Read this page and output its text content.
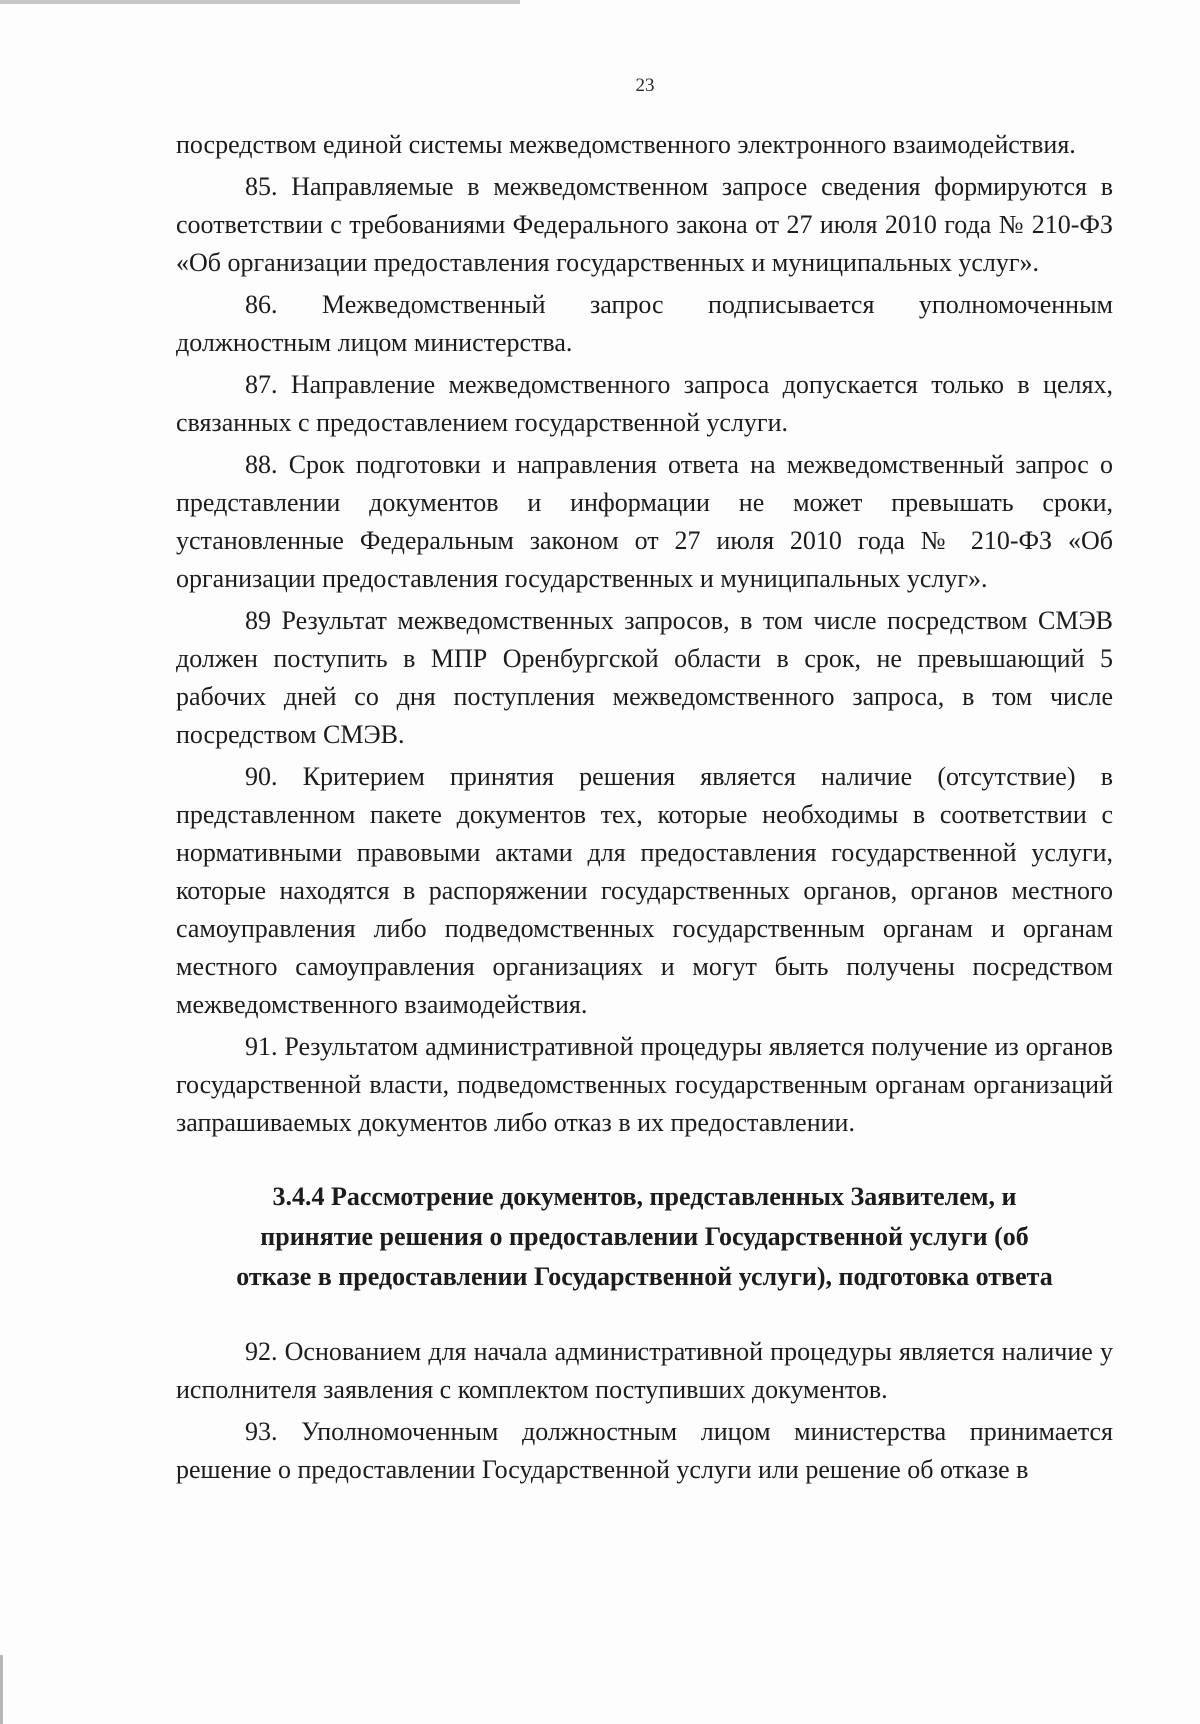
23

посредством единой системы межведомственного электронного взаимодействия.

85. Направляемые в межведомственном запросе сведения формируются в соответствии с требованиями Федерального закона от 27 июля 2010 года № 210-ФЗ «Об организации предоставления государственных и муниципальных услуг».

86. Межведомственный запрос подписывается уполномоченным должностным лицом министерства.

87. Направление межведомственного запроса допускается только в целях, связанных с предоставлением государственной услуги.

88. Срок подготовки и направления ответа на межведомственный запрос о представлении документов и информации не может превышать сроки, установленные Федеральным законом от 27 июля 2010 года № 210-ФЗ «Об организации предоставления государственных и муниципальных услуг».

89 Результат межведомственных запросов, в том числе посредством СМЭВ должен поступить в МПР Оренбургской области в срок, не превышающий 5 рабочих дней со дня поступления межведомственного запроса, в том числе посредством СМЭВ.

90. Критерием принятия решения является наличие (отсутствие) в представленном пакете документов тех, которые необходимы в соответствии с нормативными правовыми актами для предоставления государственной услуги, которые находятся в распоряжении государственных органов, органов местного самоуправления либо подведомственных государственным органам и органам местного самоуправления организациях и могут быть получены посредством межведомственного взаимодействия.

91. Результатом административной процедуры является получение из органов государственной власти, подведомственных государственным органам организаций запрашиваемых документов либо отказ в их предоставлении.

3.4.4 Рассмотрение документов, представленных Заявителем, и
принятие решения о предоставлении Государственной услуги (об
отказе в предоставлении Государственной услуги), подготовка ответа

92. Основанием для начала административной процедуры является наличие у исполнителя заявления с комплектом поступивших документов.

93. Уполномоченным должностным лицом министерства принимается решение о предоставлении Государственной услуги или решение об отказе в
